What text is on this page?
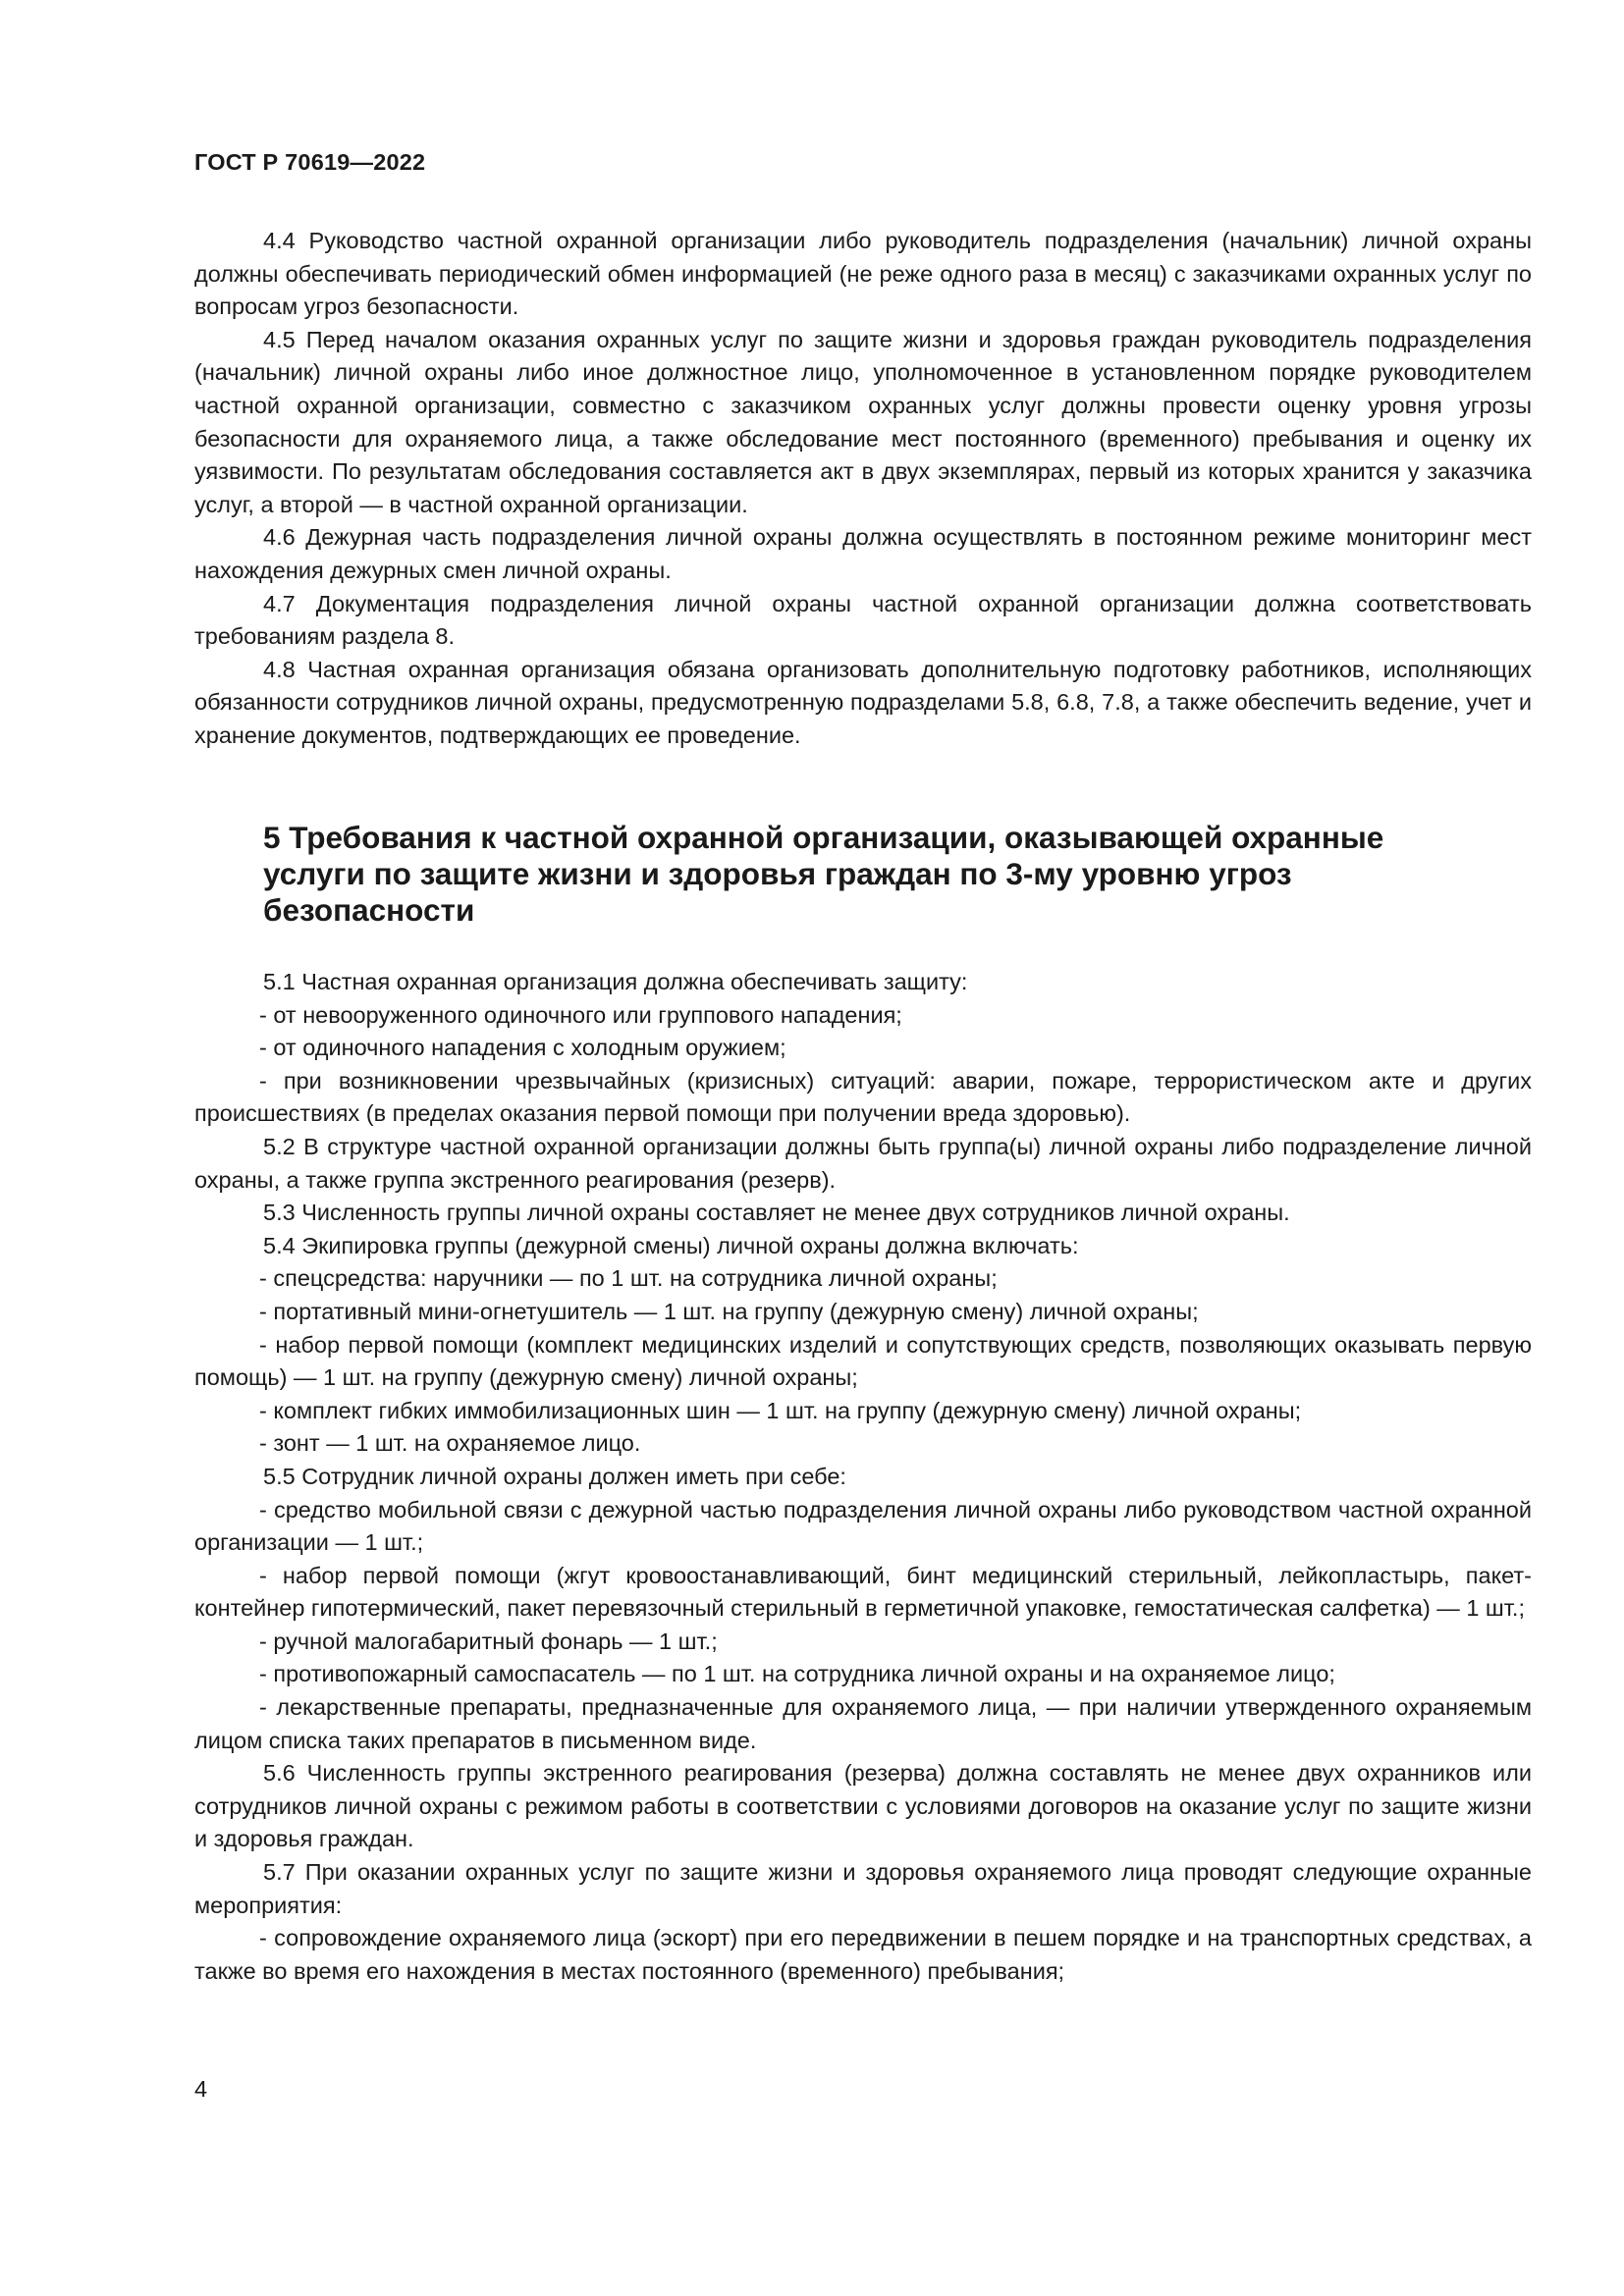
ГОСТ Р 70619—2022

4.4 Руководство частной охранной организации либо руководитель подразделения (начальник) личной охраны должны обеспечивать периодический обмен информацией (не реже одного раза в месяц) с заказчиками охранных услуг по вопросам угроз безопасности.

4.5 Перед началом оказания охранных услуг по защите жизни и здоровья граждан руководитель подразделения (начальник) личной охраны либо иное должностное лицо, уполномоченное в установленном порядке руководителем частной охранной организации, совместно с заказчиком охранных услуг должны провести оценку уровня угрозы безопасности для охраняемого лица, а также обследование мест постоянного (временного) пребывания и оценку их уязвимости. По результатам обследования составляется акт в двух экземплярах, первый из которых хранится у заказчика услуг, а второй — в частной охранной организации.

4.6 Дежурная часть подразделения личной охраны должна осуществлять в постоянном режиме мониторинг мест нахождения дежурных смен личной охраны.

4.7 Документация подразделения личной охраны частной охранной организации должна соответствовать требованиям раздела 8.

4.8 Частная охранная организация обязана организовать дополнительную подготовку работников, исполняющих обязанности сотрудников личной охраны, предусмотренную подразделами 5.8, 6.8, 7.8, а также обеспечить ведение, учет и хранение документов, подтверждающих ее проведение.

5 Требования к частной охранной организации, оказывающей охранные услуги по защите жизни и здоровья граждан по 3-му уровню угроз безопасности

5.1 Частная охранная организация должна обеспечивать защиту:

- от невооруженного одиночного или группового нападения;

- от одиночного нападения с холодным оружием;

- при возникновении чрезвычайных (кризисных) ситуаций: аварии, пожаре, террористическом акте и других происшествиях (в пределах оказания первой помощи при получении вреда здоровью).

5.2 В структуре частной охранной организации должны быть группа(ы) личной охраны либо подразделение личной охраны, а также группа экстренного реагирования (резерв).

5.3 Численность группы личной охраны составляет не менее двух сотрудников личной охраны.

5.4 Экипировка группы (дежурной смены) личной охраны должна включать:

- спецсредства: наручники — по 1 шт. на сотрудника личной охраны;

- портативный мини-огнетушитель — 1 шт. на группу (дежурную смену) личной охраны;

- набор первой помощи (комплект медицинских изделий и сопутствующих средств, позволяющих оказывать первую помощь) — 1 шт. на группу (дежурную смену) личной охраны;

- комплект гибких иммобилизационных шин — 1 шт. на группу (дежурную смену) личной охраны;

- зонт — 1 шт. на охраняемое лицо.

5.5 Сотрудник личной охраны должен иметь при себе:

- средство мобильной связи с дежурной частью подразделения личной охраны либо руководством частной охранной организации — 1 шт.;

- набор первой помощи (жгут кровоостанавливающий, бинт медицинский стерильный, лейкопластырь, пакет-контейнер гипотермический, пакет перевязочный стерильный в герметичной упаковке, гемостатическая салфетка) — 1 шт.;

- ручной малогабаритный фонарь — 1 шт.;

- противопожарный самоспасатель — по 1 шт. на сотрудника личной охраны и на охраняемое лицо;

- лекарственные препараты, предназначенные для охраняемого лица, — при наличии утвержденного охраняемым лицом списка таких препаратов в письменном виде.

5.6 Численность группы экстренного реагирования (резерва) должна составлять не менее двух охранников или сотрудников личной охраны с режимом работы в соответствии с условиями договоров на оказание услуг по защите жизни и здоровья граждан.

5.7 При оказании охранных услуг по защите жизни и здоровья охраняемого лица проводят следующие охранные мероприятия:

- сопровождение охраняемого лица (эскорт) при его передвижении в пешем порядке и на транспортных средствах, а также во время его нахождения в местах постоянного (временного) пребывания;

4
